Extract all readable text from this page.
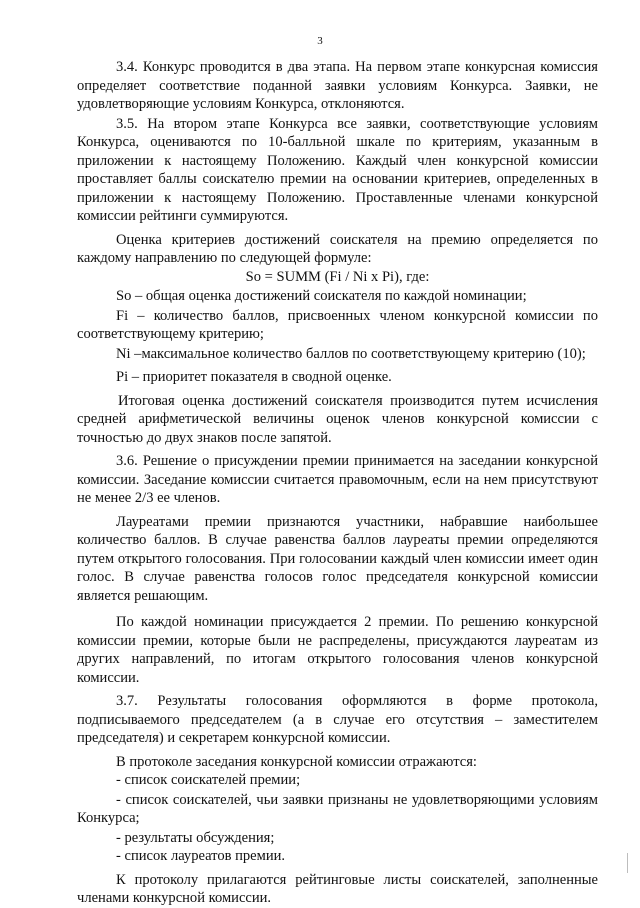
3

3.4. Конкурс проводится в два этапа. На первом этапе конкурсная комиссия определяет соответствие поданной заявки условиям Конкурса. Заявки, не удовлетворяющие условиям Конкурса, отклоняются.

3.5. На втором этапе Конкурса все заявки, соответствующие условиям Конкурса, оцениваются по 10-балльной шкале по критериям, указанным в приложении к настоящему Положению. Каждый член конкурсной комиссии проставляет баллы соискателю премии на основании критериев, определенных в приложении к настоящему Положению. Проставленные членами конкурсной комиссии рейтинги суммируются.

Оценка критериев достижений соискателя на премию определяется по каждому направлению по следующей формуле:

So = SUMM (Fi / Ni x Pi), где:

So – общая оценка достижений соискателя по каждой номинации;

Fi – количество баллов, присвоенных членом конкурсной комиссии по соответствующему критерию;

Ni –максимальное количество баллов по соответствующему критерию (10);

Pi – приоритет показателя в сводной оценке.

Итоговая оценка достижений соискателя производится путем исчисления средней арифметической величины оценок членов конкурсной комиссии с точностью до двух знаков после запятой.

3.6. Решение о присуждении премии принимается на заседании конкурсной комиссии. Заседание комиссии считается правомочным, если на нем присутствуют не менее 2/3 ее членов.

Лауреатами премии признаются участники, набравшие наибольшее количество баллов. В случае равенства баллов лауреаты премии определяются путем открытого голосования. При голосовании каждый член комиссии имеет один голос. В случае равенства голосов голос председателя конкурсной комиссии является решающим.

По каждой номинации присуждается 2 премии. По решению конкурсной комиссии премии, которые были не распределены, присуждаются лауреатам из других направлений, по итогам открытого голосования членов конкурсной комиссии.

3.7. Результаты голосования оформляются в форме протокола, подписываемого председателем (а в случае его отсутствия – заместителем председателя) и секретарем конкурсной комиссии.

В протоколе заседания конкурсной комиссии отражаются:

- список соискателей премии;

- список соискателей, чьи заявки признаны не удовлетворяющими условиям Конкурса;

- результаты обсуждения;

- список лауреатов премии.

К протоколу прилагаются рейтинговые листы соискателей, заполненные членами конкурсной комиссии.
